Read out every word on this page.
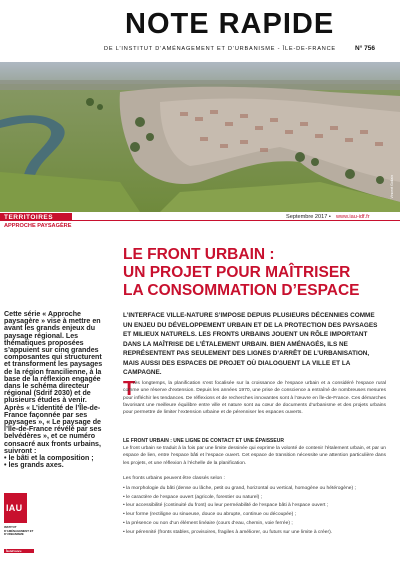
NOTE RAPIDE
DE L’INSTITUT D’AMÉNAGEMENT ET D’URBANISME - ÎLE-DE-FRANCE	N° 756
Vincent Gollain
TERRITOIRES	Septembre 2017 • www.iau-idf.fr
APPROCHE PAYSAGÈRE
LE FRONT URBAIN :
UN PROJET POUR MAÎTRISER
LA CONSOMMATION D’ESPACE
L’INTERFACE VILLE-NATURE S’IMPOSE DEPUIS PLUSIEURS DÉCENNIES COMME UN ENJEU DU DÉVELOPPEMENT URBAIN ET DE LA PROTECTION DES PAYSAGES ET MILIEUX NATURELS. LES FRONTS URBAINS JOUENT UN RÔLE IMPORTANT DANS LA MAÎTRISE DE L’ÉTALEMENT URBAIN. BIEN AMÉNAGÉS, ILS NE REPRÉSENTENT PAS SEULEMENT DES LIGNES D’ARRÊT DE L’URBANISATION, MAIS AUSSI DES ESPACES DE PROJET OÙ DIALOGUENT LA VILLE ET LA CAMPAGNE.

Cette série « Approche paysagère » vise à mettre en avant les grands enjeux du paysage régional. Les thématiques proposées s’appuient sur cinq grandes composantes qui structurent et transforment les paysages de la région francilienne, à la base de la réflexion engagée dans le schéma directeur régional (Sdrif 2030) et de plusieurs études à venir. Après « L’identité de l’Île-de-France façonnée par ses paysages », « Le paysage de l’Île-de-France révélé par ses belvédères », et ce numéro consacré aux fronts urbains, suivront :

• le bâti et la composition ;
• les grands axes.
IAU
INSTITUT D’AMÉNAGEMENT ET D’URBANISME
ÎledeFrance
T
rès longtemps, la planification s’est focalisée sur la croissance de l’espace urbain et a considéré l’espace rural comme une réserve d’extension. Depuis les années 1970, une prise de conscience a entraîné de nombreuses mesures pour infléchir les tendances. De réflexions et de recherches innovantes sont à l’œuvre en Île-de-France. Ces démarches favorisant une meilleure équilibre entre ville et nature sont au cœur de documents d’urbanisme et des projets urbains pour permettre de limiter l’extension urbaine et de pérenniser les espaces ouverts.
LE FRONT URBAIN : UNE LIGNE DE CONTACT ET UNE ÉPAISSEUR
Le front urbain se traduit à la fois par une limite dessinée qui exprime la volonté de contenir l’étalement urbain, et par un espace de lien, entre l’espace bâti et l’espace ouvert. Cet espace de transition nécessite une attention particulière dans les projets, et une réflexion à l’échelle de la planification.
Les fronts urbains peuvent être classés selon :
• la morphologie du bâti (dense ou lâche, petit ou grand, horizontal ou vertical, homogène ou hétérogène) ;
• le caractère de l’espace ouvert (agricole, forestier ou naturel) ;
• leur accessibilité (continuité du front) ou leur perméabilité de l’espace bâti à l’espace ouvert ;
• leur forme (rectiligne ou sinueuse, douce ou abrupte, continue ou découpée) ;
• la présence ou non d’un élément linéaire (cours d’eau, chemin, voie ferrée) ;
• leur pérennité (fronts stables, provisoires, fragiles à améliorer, ou futurs sur une limite à créer).
